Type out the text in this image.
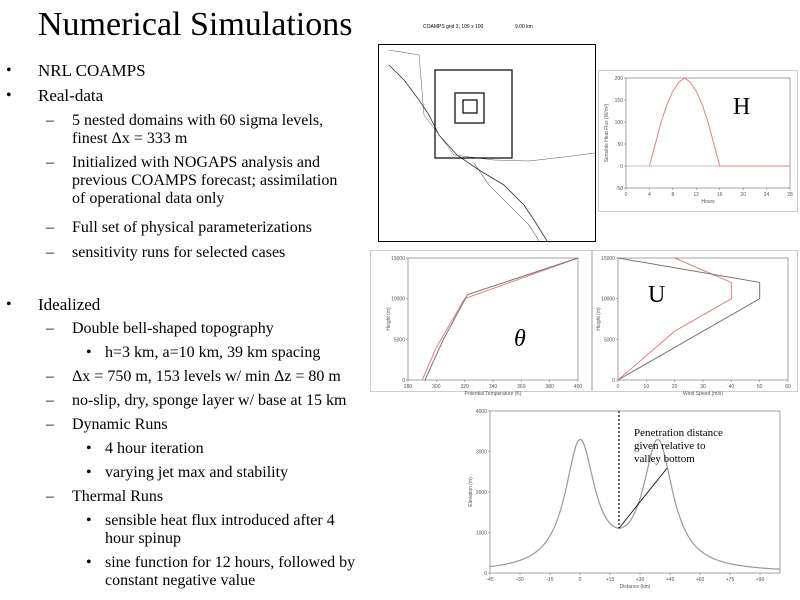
Numerical Simulations
• NRL COAMPS
• Real-data
– 5 nested domains with 60 sigma levels,
finest Δx = 333 m
– Initialized with NOGAPS analysis and
previous COAMPS forecast; assimilation
of operational data only
– Full set of physical parameterizations
– sensitivity runs for selected cases
• Idealized
– Double bell-shaped topography
• h=3 km, a=10 km, 39 km spacing
– Δx = 750 m, 153 levels w/ min Δz = 80 m
– no-slip, dry, sponge layer w/ base at 15 km
– Dynamic Runs
• 4 hour iteration
• varying jet max and stability
– Thermal Runs
• sensible heat flux introduced after 4
hour spinup
• sine function for 12 hours, followed by
constant negative value
COAMPS grid 3, 109 x 100	9.00 km
0	4	8	12	16	20	24	28
-50
0
50
100
150
200
Hours
Sensible Heat Flux (W/m²)	H
280	300	320	340	360	380	400
0
5000
10000
15000
Potential Temperature (K)
Height (m)
θ
0	10	20	30	40	50	60
0
5000
10000
15000
Wind Speed (m/s)
Height (m)
U
-45	-30	-15	0	+15	+30	+45	+60	+75	+90
0
1000
2000
3000
4000
Distance (km)
Elevation (m)
Penetration distance given relative to valley bottom
